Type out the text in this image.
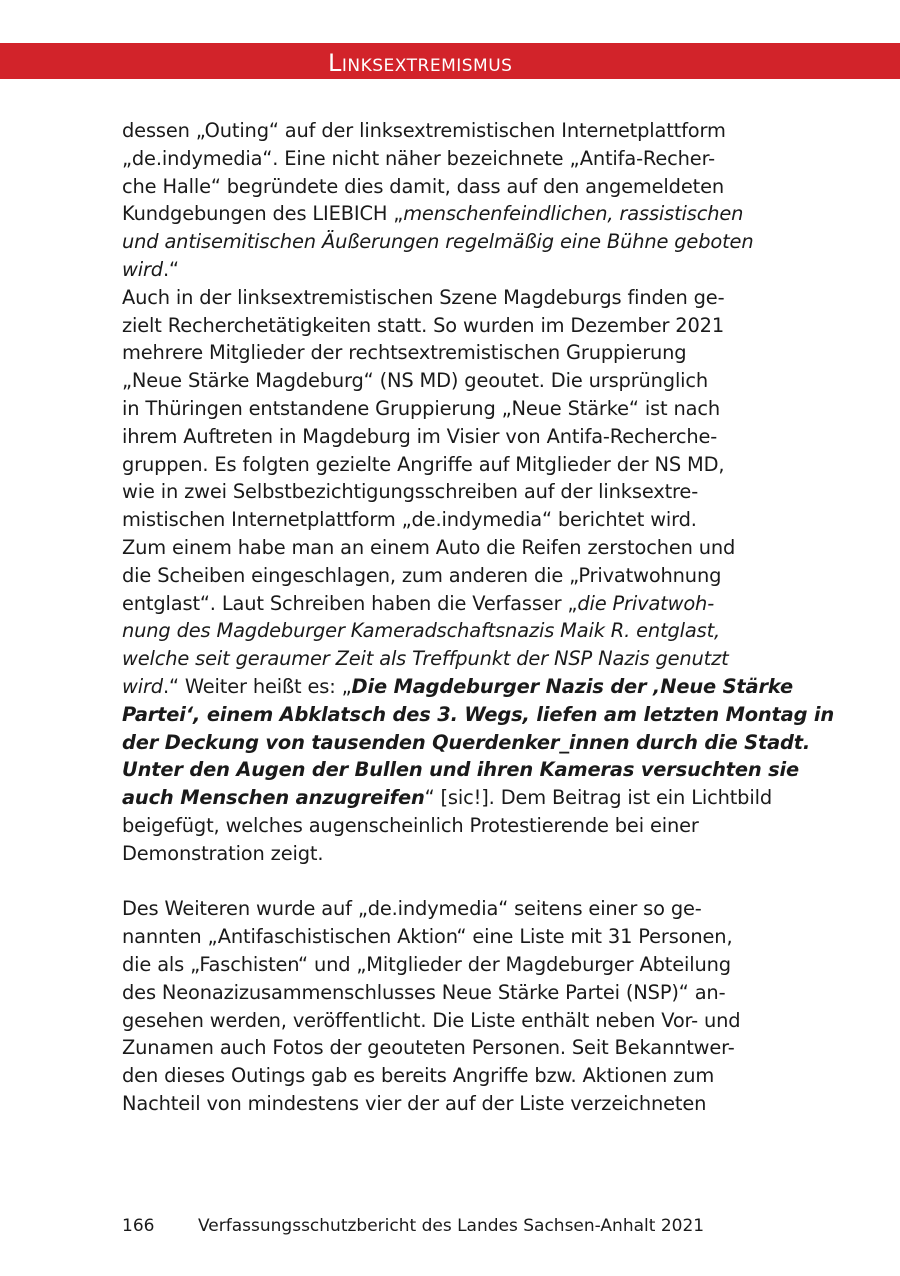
Linksextremismus
dessen „Outing“ auf der linksextremistischen Internetplattform
„de.indymedia“. Eine nicht näher bezeichnete „Antifa-Recher-
che Halle“ begründete dies damit, dass auf den angemeldeten
Kundgebungen des LIEBICH „menschenfeindlichen, rassistischen
und antisemitischen Äußerungen regelmäßig eine Bühne geboten
wird.“
Auch in der linksextremistischen Szene Magdeburgs finden ge-
zielt Recherchetätigkeiten statt. So wurden im Dezember 2021
mehrere Mitglieder der rechtsextremistischen Gruppierung
„Neue Stärke Magdeburg“ (NS MD) geoutet. Die ursprünglich
in Thüringen entstandene Gruppierung „Neue Stärke“ ist nach
ihrem Auftreten in Magdeburg im Visier von Antifa-Recherche-
gruppen. Es folgten gezielte Angriffe auf Mitglieder der NS MD,
wie in zwei Selbstbezichtigungsschreiben auf der linksextre-
mistischen Internetplattform „de.indymedia“ berichtet wird.
Zum einem habe man an einem Auto die Reifen zerstochen und
die Scheiben eingeschlagen, zum anderen die „Privatwohnung
entglast“. Laut Schreiben haben die Verfasser „die Privatwoh-
nung des Magdeburger Kameradschaftsnazis Maik R. entglast,
welche seit geraumer Zeit als Treffpunkt der NSP Nazis genutzt
wird.“ Weiter heißt es: „Die Magdeburger Nazis der ‚Neue Stärke
Partei‘, einem Abklatsch des 3. Wegs, liefen am letzten Montag in
der Deckung von tausenden Querdenker_innen durch die Stadt.
Unter den Augen der Bullen und ihren Kameras versuchten sie
auch Menschen anzugreifen“ [sic!]. Dem Beitrag ist ein Lichtbild
beigefügt, welches augenscheinlich Protestierende bei einer
Demonstration zeigt.
Des Weiteren wurde auf „de.indymedia“ seitens einer so ge-
nannten „Antifaschistischen Aktion“ eine Liste mit 31 Personen,
die als „Faschisten“ und „Mitglieder der Magdeburger Abteilung
des Neonazizusammenschlusses Neue Stärke Partei (NSP)“ an-
gesehen werden, veröffentlicht. Die Liste enthält neben Vor- und
Zunamen auch Fotos der geouteten Personen. Seit Bekanntwer-
den dieses Outings gab es bereits Angriffe bzw. Aktionen zum
Nachteil von mindestens vier der auf der Liste verzeichneten
166	Verfassungsschutzbericht des Landes Sachsen-Anhalt 2021
